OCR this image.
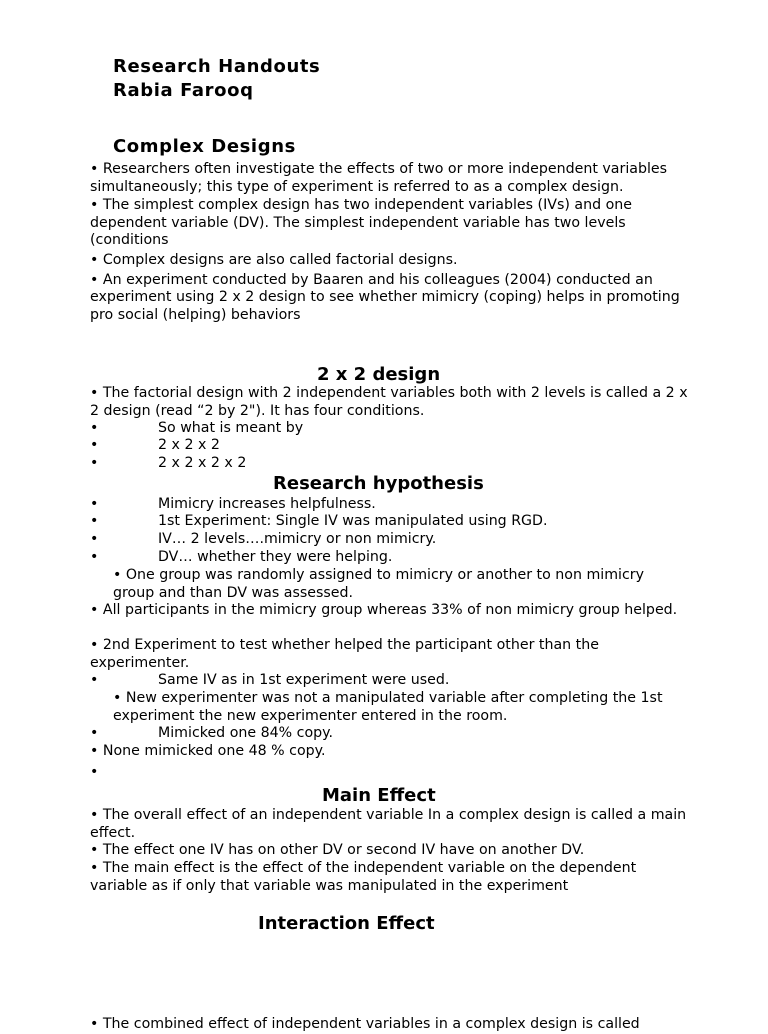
Research Handouts
Rabia Farooq
Complex Designs

• Researchers often investigate the effects of two or more independent variables simultaneously; this type of experiment is referred to as a complex design.

• The simplest complex design has two independent variables (IVs) and one dependent variable (DV). The simplest independent variable has two levels (conditions

• Complex designs are also called factorial designs.

• An experiment conducted by Baaren and his colleagues (2004) conducted an experiment using 2 x 2 design to see whether mimicry (coping) helps in promoting pro social (helping) behaviors

2 x 2 design
• The factorial design with 2 independent variables both with 2 levels is called a 2 x 2 design (read “2 by 2"). It has four conditions.
•	So what is meant by
•	2 x 2 x 2
•	2 x 2 x 2 x 2
Research hypothesis
•	Mimicry increases helpfulness.
•	1st Experiment: Single IV was manipulated using RGD.
•	IV… 2 levels….mimicry or non mimicry.
•	DV… whether they were helping.
• One group was randomly assigned to mimicry or another to non mimicry group and than DV was assessed.
• All participants in the mimicry group whereas 33% of non mimicry group helped.
• 2nd Experiment to test whether helped the participant other than the experimenter.
•	Same IV as in 1st experiment were used.
• New experimenter was not a manipulated variable after completing the 1st experiment the new experimenter entered in the room.
•	Mimicked one 84% copy.
• None mimicked one 48 % copy.
•
Main Effect
• The overall effect of an independent variable In a complex design is called a main effect.
• The effect one IV has on other DV or second IV have on another DV.
• The main effect is the effect of the independent variable on the dependent variable as if only that variable was manipulated in the experiment
Interaction Effect
• The combined effect of independent variables in a complex design is called
